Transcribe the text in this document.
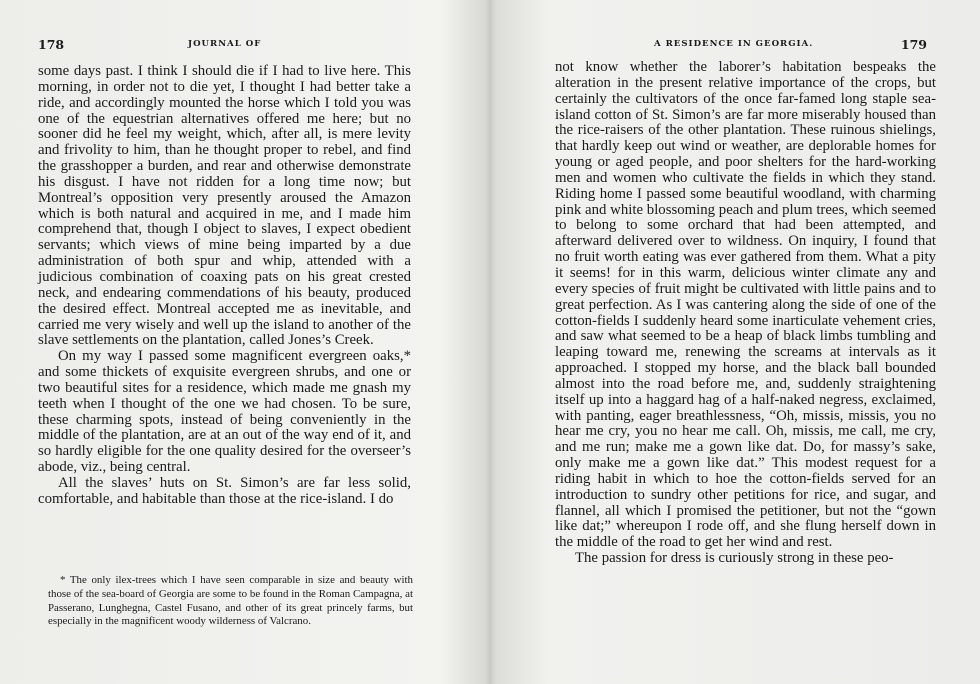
178	JOURNAL OF

some days past. I think I should die if I had to live here. This morning, in order not to die yet, I thought I had better take a ride, and accordingly mounted the horse which I told you was one of the equestrian alternatives offered me here; but no sooner did he feel my weight, which, after all, is mere levity and frivolity to him, than he thought proper to rebel, and find the grasshopper a burden, and rear and otherwise demonstrate his disgust. I have not ridden for a long time now; but Montreal’s opposition very presently aroused the Amazon which is both natural and acquired in me, and I made him comprehend that, though I object to slaves, I expect obedient servants; which views of mine being imparted by a due administration of both spur and whip, attended with a judicious combination of coaxing pats on his great crested neck, and endearing commendations of his beauty, produced the desired effect. Montreal accepted me as inevitable, and carried me very wisely and well up the island to another of the slave settlements on the plantation, called Jones’s Creek.

On my way I passed some magnificent evergreen oaks,* and some thickets of exquisite evergreen shrubs, and one or two beautiful sites for a residence, which made me gnash my teeth when I thought of the one we had chosen. To be sure, these charming spots, instead of being conveniently in the middle of the plantation, are at an out of the way end of it, and so hardly eligible for the one quality desired for the overseer’s abode, viz., being central.

All the slaves’ huts on St. Simon’s are far less solid, comfortable, and habitable than those at the rice-island. I do

* The only ilex-trees which I have seen comparable in size and beauty with those of the sea-board of Georgia are some to be found in the Roman Campagna, at Passerano, Lunghegna, Castel Fusano, and other of its great princely farms, but especially in the magnificent woody wilderness of Valcrano.
A RESIDENCE IN GEORGIA.	179

not know whether the laborer’s habitation bespeaks the alteration in the present relative importance of the crops, but certainly the cultivators of the once far-famed long staple sea-island cotton of St. Simon’s are far more miserably housed than the rice-raisers of the other plantation. These ruinous shielings, that hardly keep out wind or weather, are deplorable homes for young or aged people, and poor shelters for the hard-working men and women who cultivate the fields in which they stand. Riding home I passed some beautiful woodland, with charming pink and white blossoming peach and plum trees, which seemed to belong to some orchard that had been attempted, and afterward delivered over to wildness. On inquiry, I found that no fruit worth eating was ever gathered from them. What a pity it seems! for in this warm, delicious winter climate any and every species of fruit might be cultivated with little pains and to great perfection. As I was cantering along the side of one of the cotton-fields I suddenly heard some inarticulate vehement cries, and saw what seemed to be a heap of black limbs tumbling and leaping toward me, renewing the screams at intervals as it approached. I stopped my horse, and the black ball bounded almost into the road before me, and, suddenly straightening itself up into a haggard hag of a half-naked negress, exclaimed, with panting, eager breathlessness, “Oh, missis, missis, you no hear me cry, you no hear me call. Oh, missis, me call, me cry, and me run; make me a gown like dat. Do, for massy’s sake, only make me a gown like dat.” This modest request for a riding habit in which to hoe the cotton-fields served for an introduction to sundry other petitions for rice, and sugar, and flannel, all which I promised the petitioner, but not the “gown like dat;” whereupon I rode off, and she flung herself down in the middle of the road to get her wind and rest.

The passion for dress is curiously strong in these peo-
